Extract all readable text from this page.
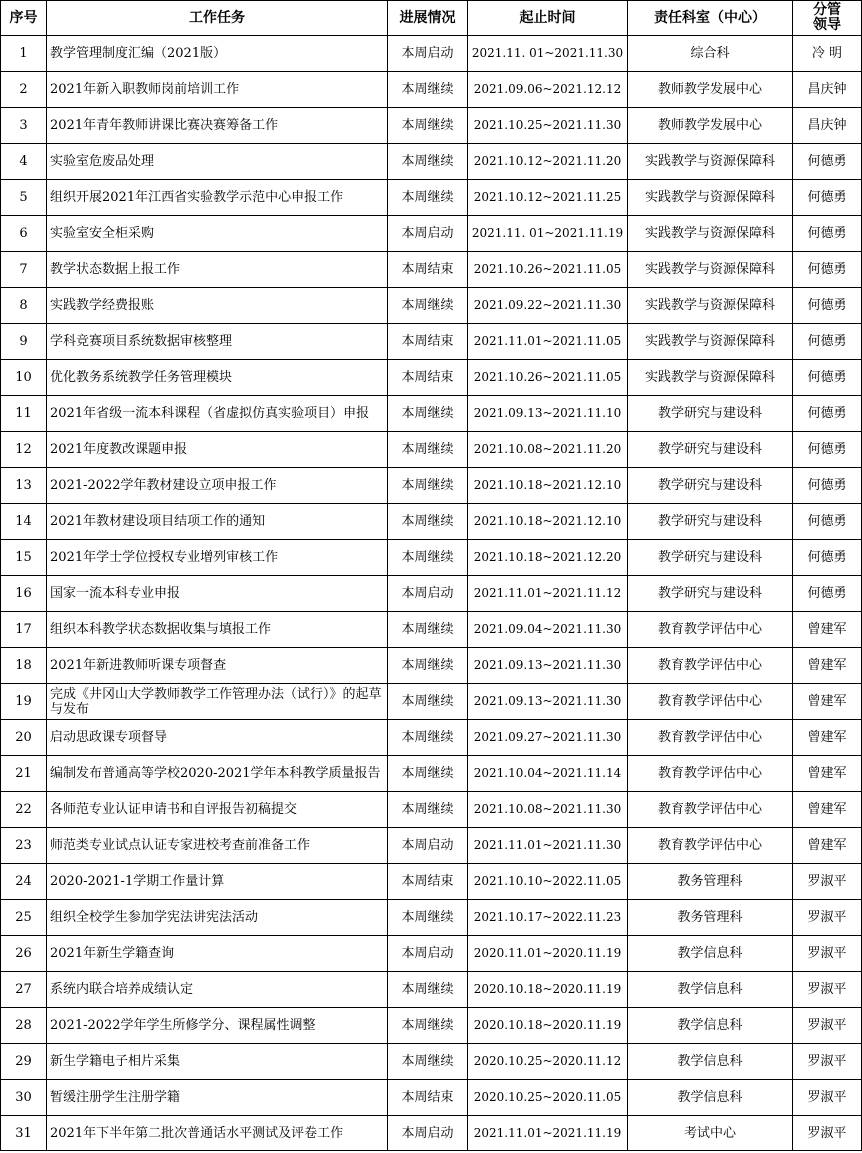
序号	工作任务	进展情况	起止时间	责任科室（中心）	分管领导
1	教学管理制度汇编（2021版）	本周启动	2021.11. 01~2021.11.30	综合科	冷 明
2	2021年新入职教师岗前培训工作	本周继续	2021.09.06~2021.12.12	教师教学发展中心	昌庆钟
3	2021年青年教师讲课比赛决赛筹备工作	本周继续	2021.10.25~2021.11.30	教师教学发展中心	昌庆钟
4	实验室危废品处理	本周继续	2021.10.12~2021.11.20	实践教学与资源保障科	何德勇
5	组织开展2021年江西省实验教学示范中心申报工作	本周继续	2021.10.12~2021.11.25	实践教学与资源保障科	何德勇
6	实验室安全柜采购	本周启动	2021.11. 01~2021.11.19	实践教学与资源保障科	何德勇
7	教学状态数据上报工作	本周结束	2021.10.26~2021.11.05	实践教学与资源保障科	何德勇
8	实践教学经费报账	本周继续	2021.09.22~2021.11.30	实践教学与资源保障科	何德勇
9	学科竞赛项目系统数据审核整理	本周结束	2021.11.01~2021.11.05	实践教学与资源保障科	何德勇
10	优化教务系统教学任务管理模块	本周结束	2021.10.26~2021.11.05	实践教学与资源保障科	何德勇
11	2021年省级一流本科课程（省虚拟仿真实验项目）申报	本周继续	2021.09.13~2021.11.10	教学研究与建设科	何德勇
12	2021年度教改课题申报	本周继续	2021.10.08~2021.11.20	教学研究与建设科	何德勇
13	2021-2022学年教材建设立项申报工作	本周继续	2021.10.18~2021.12.10	教学研究与建设科	何德勇
14	2021年教材建设项目结项工作的通知	本周继续	2021.10.18~2021.12.10	教学研究与建设科	何德勇
15	2021年学士学位授权专业增列审核工作	本周继续	2021.10.18~2021.12.20	教学研究与建设科	何德勇
16	国家一流本科专业申报	本周启动	2021.11.01~2021.11.12	教学研究与建设科	何德勇
17	组织本科教学状态数据收集与填报工作	本周继续	2021.09.04~2021.11.30	教育教学评估中心	曾建军
18	2021年新进教师听课专项督查	本周继续	2021.09.13~2021.11.30	教育教学评估中心	曾建军
19	完成《井冈山大学教师教学工作管理办法（试行）》的起草与发布	本周继续	2021.09.13~2021.11.30	教育教学评估中心	曾建军
20	启动思政课专项督导	本周继续	2021.09.27~2021.11.30	教育教学评估中心	曾建军
21	编制发布普通高等学校2020-2021学年本科教学质量报告	本周继续	2021.10.04~2021.11.14	教育教学评估中心	曾建军
22	各师范专业认证申请书和自评报告初稿提交	本周继续	2021.10.08~2021.11.30	教育教学评估中心	曾建军
23	师范类专业试点认证专家进校考查前准备工作	本周启动	2021.11.01~2021.11.30	教育教学评估中心	曾建军
24	2020-2021-1学期工作量计算	本周结束	2021.10.10~2022.11.05	教务管理科	罗淑平
25	组织全校学生参加学宪法讲宪法活动	本周继续	2021.10.17~2022.11.23	教务管理科	罗淑平
26	2021年新生学籍查询	本周启动	2020.11.01~2020.11.19	教学信息科	罗淑平
27	系统内联合培养成绩认定	本周继续	2020.10.18~2020.11.19	教学信息科	罗淑平
28	2021-2022学年学生所修学分、课程属性调整	本周继续	2020.10.18~2020.11.19	教学信息科	罗淑平
29	新生学籍电子相片采集	本周继续	2020.10.25~2020.11.12	教学信息科	罗淑平
30	暂缓注册学生注册学籍	本周结束	2020.10.25~2020.11.05	教学信息科	罗淑平
31	2021年下半年第二批次普通话水平测试及评卷工作	本周启动	2021.11.01~2021.11.19	考试中心	罗淑平
